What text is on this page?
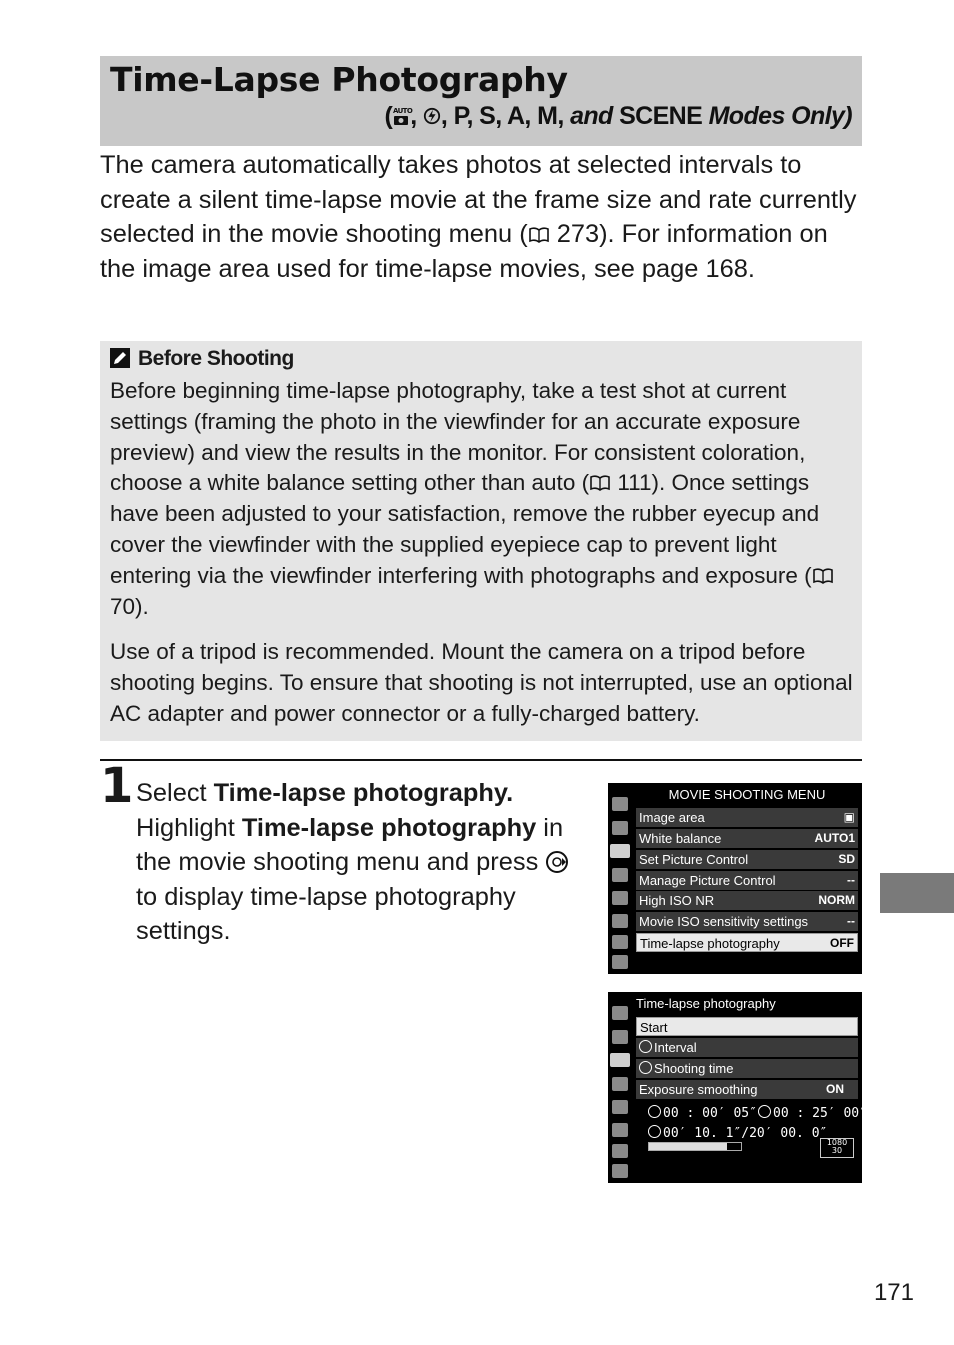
Time-Lapse Photography
( AUTO
, , P, S, A, M, and SCENE Modes Only)

The camera automatically takes photos at selected intervals to create a silent time-lapse movie at the frame size and rate currently selected in the movie shooting menu ( 273). For information on the image area used for time-lapse movies, see page 168.

Before Shooting

Before beginning time-lapse photography, take a test shot at current settings (framing the photo in the viewfinder for an accurate exposure preview) and view the results in the monitor. For consistent coloration, choose a white balance setting other than auto ( 111). Once settings have been adjusted to your satisfaction, remove the rubber eyecup and cover the viewfinder with the supplied eyepiece cap to prevent light entering via the viewfinder interfering with photographs and exposure ( 70).

Use of a tripod is recommended. Mount the camera on a tripod before shooting begins. To ensure that shooting is not interrupted, use an optional AC adapter and power connector or a fully-charged battery.

1 Select Time-lapse photography.
Highlight Time-lapse photography in the movie shooting menu and press  to display time-lapse photography settings.

MOVIE SHOOTING MENU
Image area	▣
White balance	AUTO1
Set Picture Control	SD
Manage Picture Control	--
High ISO NR	NORM
Movie ISO sensitivity settings	--
Time-lapse photography	OFF
Time-lapse photography
Start
Interval
Shooting time
Exposure smoothing	ON
00 : 00′ 05″	00 : 25′ 00″
00′ 10. 1″/20′ 00. 0″
1080
30
171
